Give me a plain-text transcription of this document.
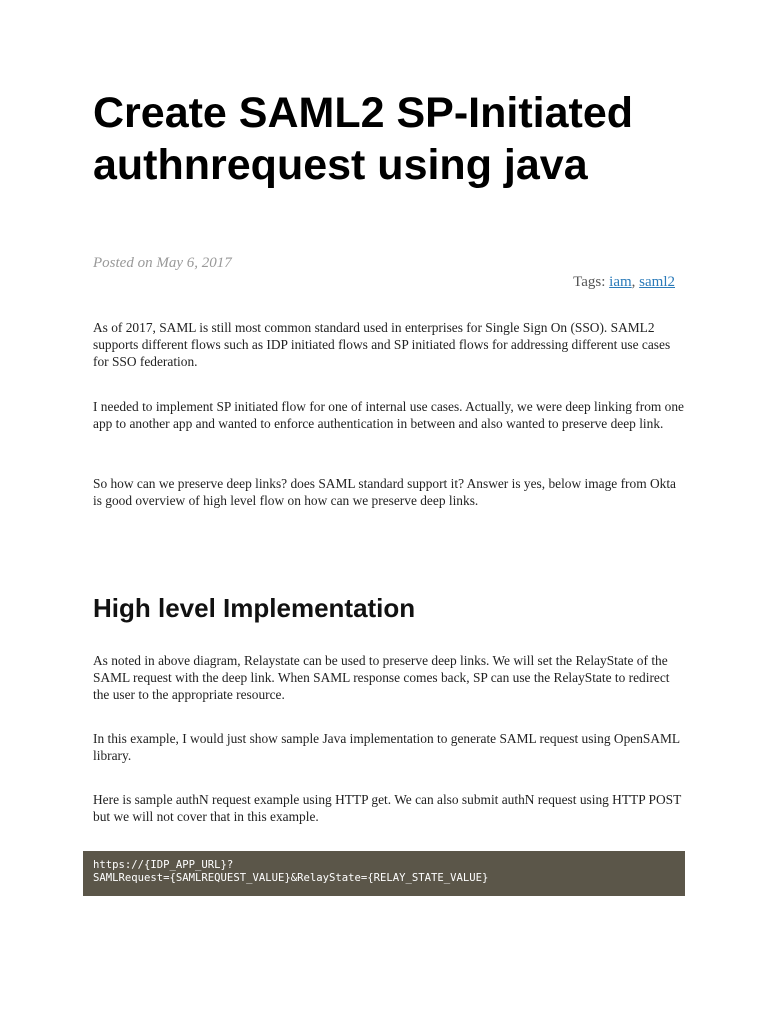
Create SAML2 SP-Initiated authnrequest using java
Posted on May 6, 2017
Tags: iam, saml2

As of 2017, SAML is still most common standard used in enterprises for Single Sign On (SSO). SAML2 supports different flows such as IDP initiated flows and SP initiated flows for addressing different use cases for SSO federation.

I needed to implement SP initiated flow for one of internal use cases. Actually, we were deep linking from one app to another app and wanted to enforce authentication in between and also wanted to preserve deep link.

So how can we preserve deep links? does SAML standard support it? Answer is yes, below image from Okta is good overview of high level flow on how can we preserve deep links.

High level Implementation

As noted in above diagram, Relaystate can be used to preserve deep links. We will set the RelayState of the SAML request with the deep link. When SAML response comes back, SP can use the RelayState to redirect the user to the appropriate resource.

In this example, I would just show sample Java implementation to generate SAML request using OpenSAML library.

Here is sample authN request example using HTTP get. We can also submit authN request using HTTP POST but we will not cover that in this example.

https://{IDP_APP_URL}?
SAMLRequest={SAMLREQUEST_VALUE}&RelayState={RELAY_STATE_VALUE}
